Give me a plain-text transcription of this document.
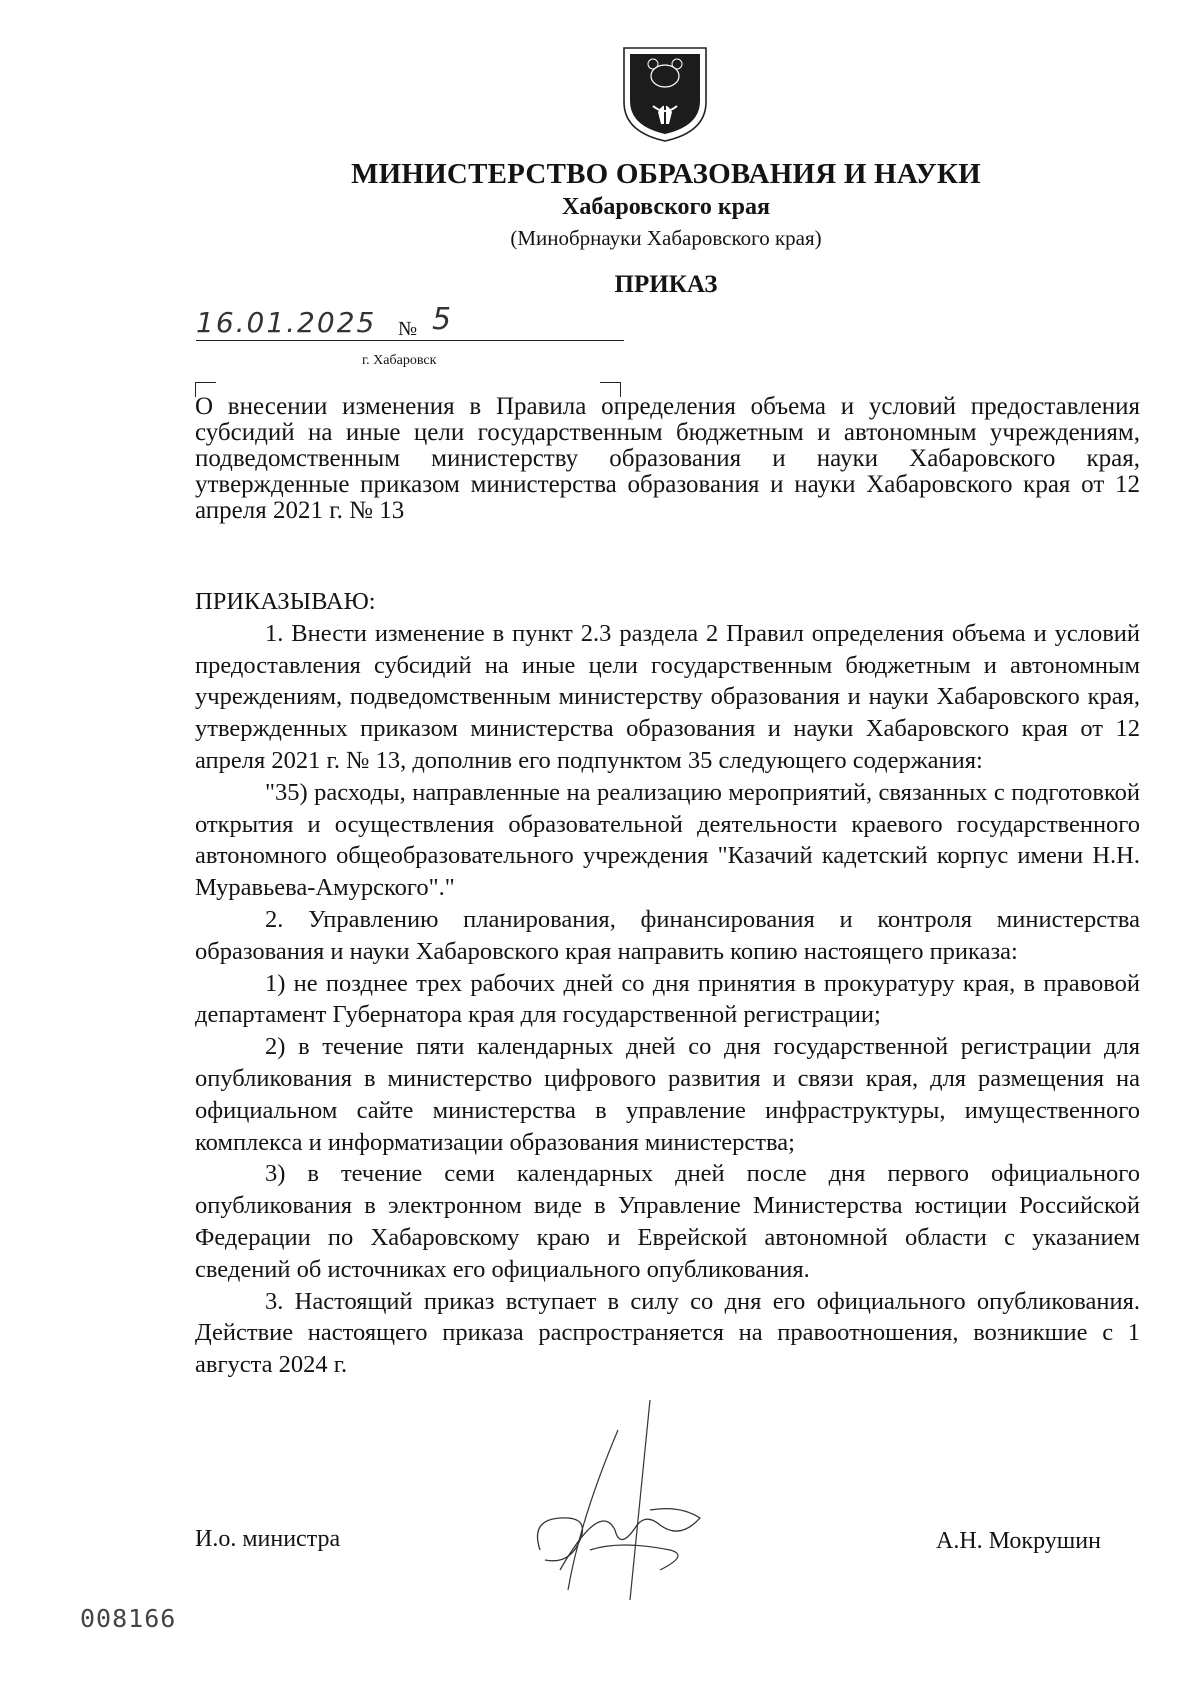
МИНИСТЕРСТВО ОБРАЗОВАНИЯ И НАУКИ
Хабаровского края
(Минобрнауки Хабаровского края)
ПРИКАЗ
16.01.2025 № 5
г. Хабаровск
О внесении изменения в Правила определения объема и условий предоставления субсидий на иные цели государственным бюджетным и автономным учреждениям, подведомственным министерству образования и науки Хабаровского края, утвержденные приказом министерства образования и науки Хабаровского края от 12 апреля 2021 г. № 13

ПРИКАЗЫВАЮ:

1. Внести изменение в пункт 2.3 раздела 2 Правил определения объема и условий предоставления субсидий на иные цели государственным бюджетным и автономным учреждениям, подведомственным министерству образования и науки Хабаровского края, утвержденных приказом министерства образования и науки Хабаровского края от 12 апреля 2021 г. № 13, дополнив его подпунктом 35 следующего содержания:

"35) расходы, направленные на реализацию мероприятий, связанных с подготовкой открытия и осуществления образовательной деятельности краевого государственного автономного общеобразовательного учреждения "Казачий кадетский корпус имени Н.Н. Муравьева-Амурского"."

2. Управлению планирования, финансирования и контроля министерства образования и науки Хабаровского края направить копию настоящего приказа:

1) не позднее трех рабочих дней со дня принятия в прокуратуру края, в правовой департамент Губернатора края для государственной регистрации;

2) в течение пяти календарных дней со дня государственной регистрации для опубликования в министерство цифрового развития и связи края, для размещения на официальном сайте министерства в управление инфраструктуры, имущественного комплекса и информатизации образования министерства;

3) в течение семи календарных дней после дня первого официального опубликования в электронном виде в Управление Министерства юстиции Российской Федерации по Хабаровскому краю и Еврейской автономной области с указанием сведений об источниках его официального опубликования.

3. Настоящий приказ вступает в силу со дня его официального опубликования. Действие настоящего приказа распространяется на правоотношения, возникшие с 1 августа 2024 г.

И.о. министра	А.Н. Мокрушин
008166
